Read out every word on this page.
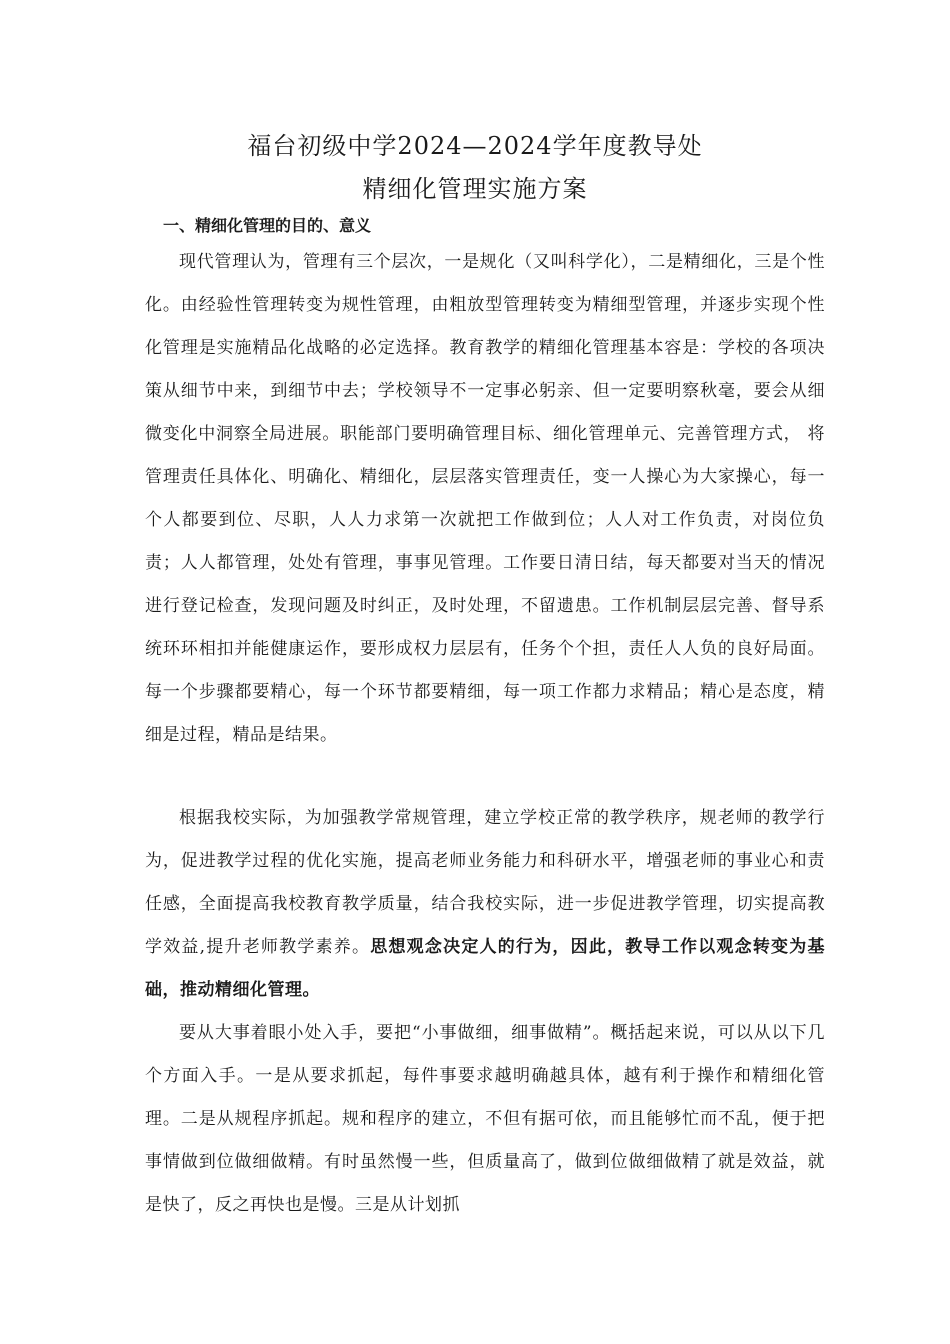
福台初级中学2024—2024学年度教导处
精细化管理实施方案
一、精细化管理的目的、意义
现代管理认为，管理有三个层次，一是规化（又叫科学化），二是精细化，三是个性化。由经验性管理转变为规性管理，由粗放型管理转变为精细型管理，并逐步实现个性化管理是实施精品化战略的必定选择。教育教学的精细化管理基本容是：学校的各项决策从细节中来，到细节中去；学校领导不一定事必躬亲、但一定要明察秋毫，要会从细微变化中洞察全局进展。职能部门要明确管理目标、细化管理单元、完善管理方式， 将管理责任具体化、明确化、精细化，层层落实管理责任，变一人操心为大家操心，每一个人都要到位、尽职，人人力求第一次就把工作做到位；人人对工作负责，对岗位负责；人人都管理，处处有管理，事事见管理。工作要日清日结，每天都要对当天的情况进行登记检查，发现问题及时纠正，及时处理，不留遗患。工作机制层层完善、督导系统环环相扣并能健康运作，要形成权力层层有，任务个个担，责任人人负的良好局面。每一个步骤都要精心，每一个环节都要精细，每一项工作都力求精品；精心是态度，精细是过程，精品是结果。
根据我校实际，为加强教学常规管理，建立学校正常的教学秩序，规老师的教学行为，促进教学过程的优化实施，提高老师业务能力和科研水平，增强老师的事业心和责任感，全面提高我校教育教学质量，结合我校实际，进一步促进教学管理，切实提高教学效益,提升老师教学素养。思想观念决定人的行为，因此，教导工作以观念转变为基础，推动精细化管理。
要从大事着眼小处入手，要把“小事做细，细事做精”。概括起来说，可以从以下几个方面入手。一是从要求抓起，每件事要求越明确越具体，越有利于操作和精细化管理。二是从规程序抓起。规和程序的建立，不但有据可依，而且能够忙而不乱，便于把事情做到位做细做精。有时虽然慢一些，但质量高了，做到位做细做精了就是效益，就是快了，反之再快也是慢。三是从计划抓
